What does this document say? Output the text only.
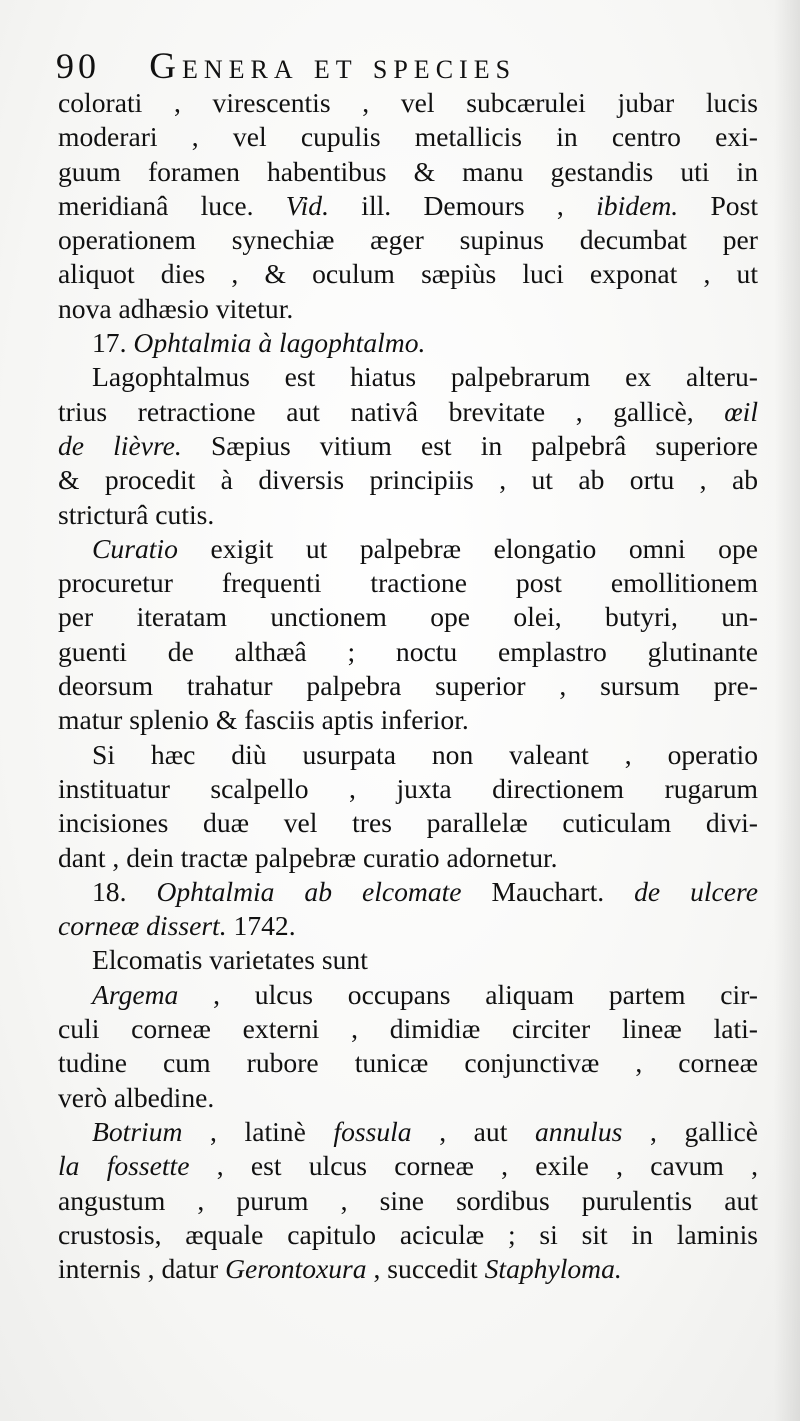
90 Genera et species
colorati , virescentis , vel subcærulei jubar lucis
moderari , vel cupulis metallicis in centro exi-
guum foramen habentibus & manu gestandis uti in
meridianâ luce. Vid. ill. Demours , ibidem. Post
operationem synechiæ æger supinus decumbat per
aliquot dies , & oculum sæpiùs luci exponat , ut
nova adhæsio vitetur.
17. Ophtalmia à lagophtalmo.
Lagophtalmus est hiatus palpebrarum ex alteru-
trius retractione aut nativâ brevitate , gallicè, œil
de lièvre. Sæpius vitium est in palpebrâ superiore
& procedit à diversis principiis , ut ab ortu , ab
stricturâ cutis.
Curatio exigit ut palpebræ elongatio omni ope
procuretur frequenti tractione post emollitionem
per iteratam unctionem ope olei, butyri, un-
guenti de althæâ ; noctu emplastro glutinante
deorsum trahatur palpebra superior , sursum pre-
matur splenio & fasciis aptis inferior.
Si hæc diù usurpata non valeant , operatio
instituatur scalpello , juxta directionem rugarum
incisiones duæ vel tres parallelæ cuticulam divi-
dant , dein tractæ palpebræ curatio adornetur.
18. Ophtalmia ab elcomate Mauchart. de ulcere
corneæ dissert. 1742.
Elcomatis varietates sunt
Argema , ulcus occupans aliquam partem cir-
culi corneæ externi , dimidiæ circiter lineæ lati-
tudine cum rubore tunicæ conjunctivæ , corneæ
verò albedine.
Botrium , latinè fossula , aut annulus , gallicè
la fossette , est ulcus corneæ , exile , cavum ,
angustum , purum , sine sordibus purulentis aut
crustosis, æquale capitulo aciculæ ; si sit in laminis
internis , datur Gerontoxura , succedit Staphyloma.
